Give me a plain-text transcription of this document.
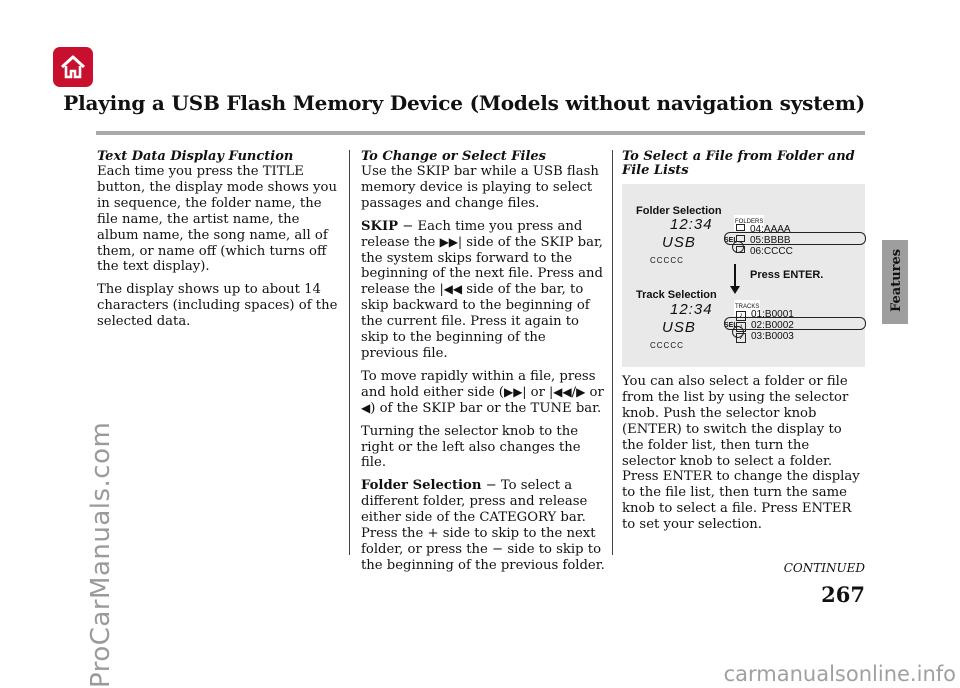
Playing a USB Flash Memory Device (Models without navigation system)
Features
ProCarManuals.com
Text Data Display Function

Each time you press the TITLE button, the display mode shows you in sequence, the folder name, the file name, the artist name, the album name, the song name, all of them, or name off (which turns off the text display).

The display shows up to about 14 characters (including spaces) of the selected data.

To Change or Select Files

Use the SKIP bar while a USB flash memory device is playing to select passages and change files.

SKIP − Each time you press and release the ▶▶| side of the SKIP bar, the system skips forward to the beginning of the next file. Press and release the |◀◀ side of the bar, to skip backward to the beginning of the current file. Press it again to skip to the beginning of the previous file.

To move rapidly within a file, press and hold either side (▶▶| or |◀◀/▶ or ◀) of the SKIP bar or the TUNE bar.

Turning the selector knob to the right or the left also changes the file.

Folder Selection − To select a different folder, press and release either side of the CATEGORY bar. Press the + side to skip to the next folder, or press the − side to skip to the beginning of the previous folder.

To Select a File from Folder and File Lists
Folder Selection
12:34
USB
CCCCC
SEL
FOLDERS
04:AAAA
05:BBBB
06:CCCC
Press ENTER.
Track Selection
12:34
USB
CCCCC
SEL
TRACKS
♪ 01:B0001
♪ 02:B0002
♪ 03:B0003

You can also select a folder or file from the list by using the selector knob. Push the selector knob (ENTER) to switch the display to the folder list, then turn the selector knob to select a folder. Press ENTER to change the display to the file list, then turn the same knob to select a file. Press ENTER to set your selection.

CONTINUED
267
carmanualsonline.info
